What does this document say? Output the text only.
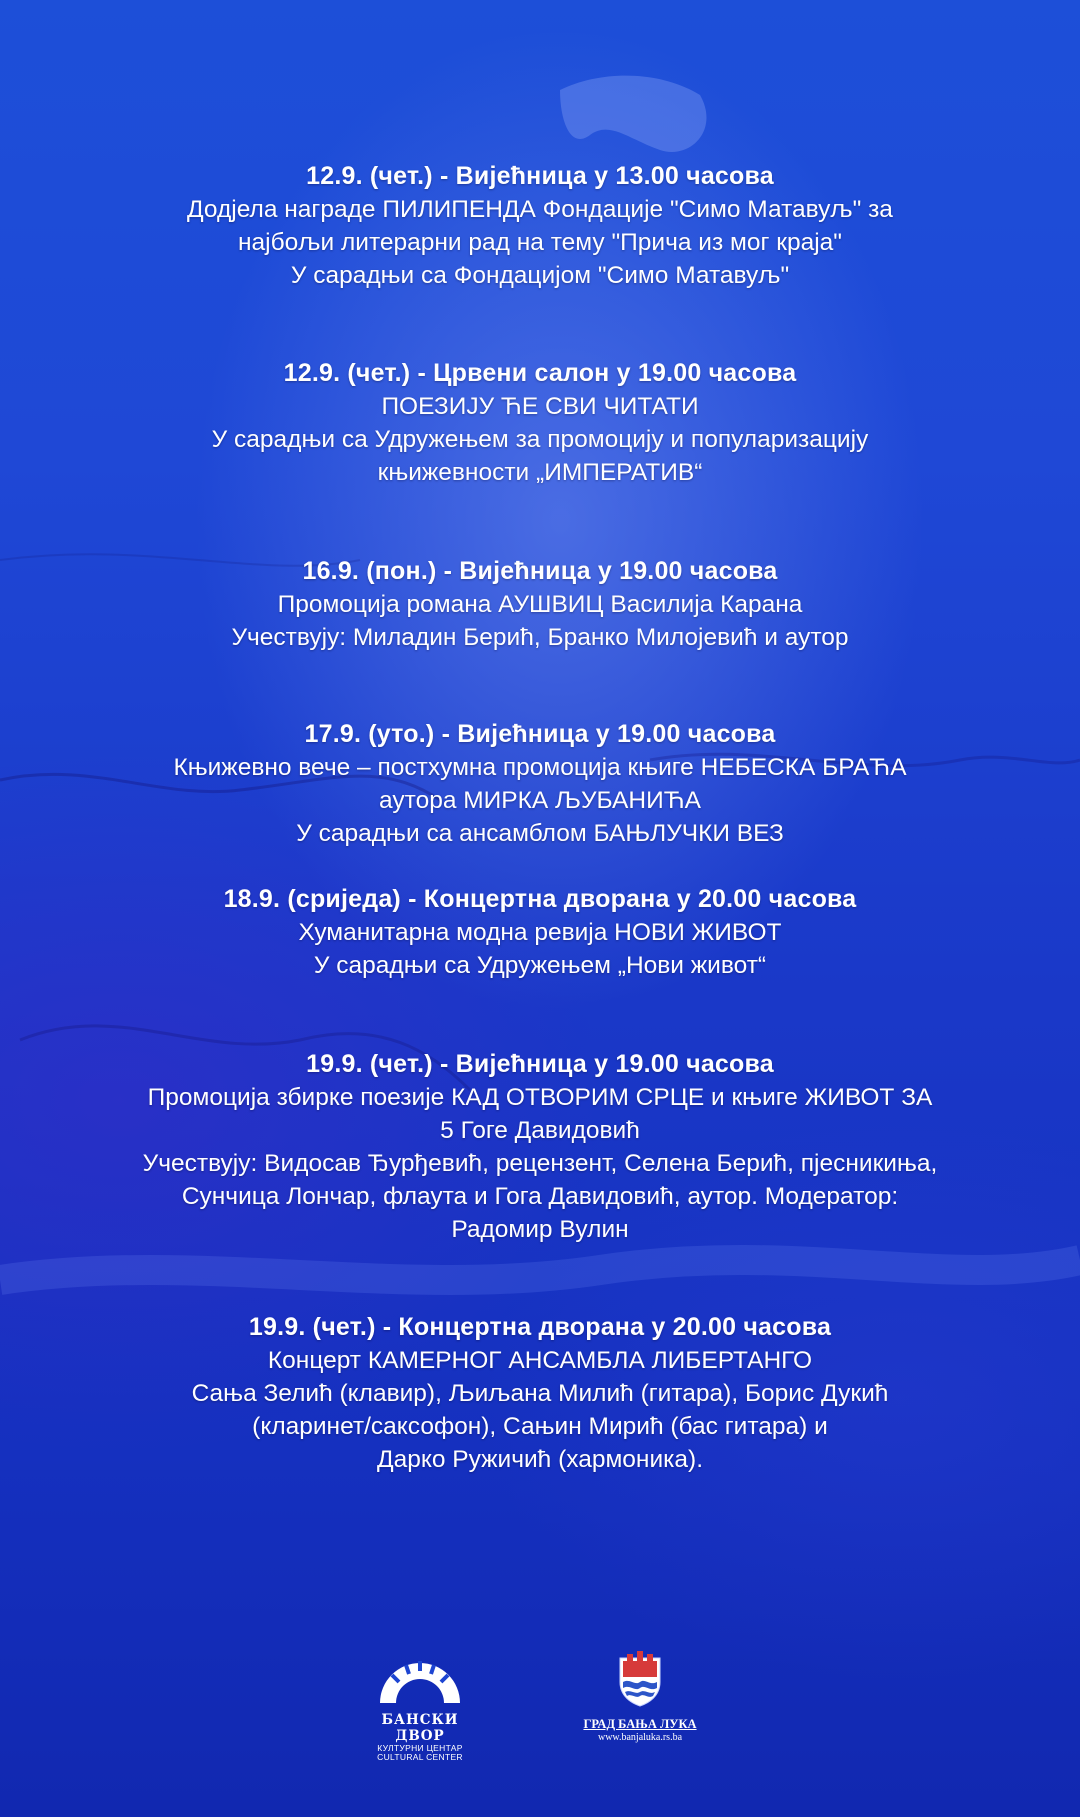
12.9. (чет.) - Вијећница у 13.00 часова
Додјела награде ПИЛИПЕНДА Фондације "Симо Матавуљ" за
најбољи литерарни рад на тему "Прича из мог краја"
У сарадњи са Фондацијом "Симо Матавуљ"
12.9. (чет.) - Црвени салон у 19.00 часова
ПОЕЗИЈУ ЋЕ СВИ ЧИТАТИ
У сарадњи са Удружењем за промоцију и популаризацију
књижевности „ИМПЕРАТИВ“
16.9. (пон.) - Вијећница у 19.00 часова
Промоција романа АУШВИЦ Василија Карана
Учествују: Миладин Берић, Бранко Милојевић и аутор
17.9. (уто.) - Вијећница у 19.00 часова
Књижевно вече – постхумна промоција књиге НЕБЕСКА БРАЋА
аутора МИРКА ЉУБАНИЋА
У сарадњи са ансамблом БАЊЛУЧКИ ВЕЗ
18.9. (сриједа) - Концертна дворана у 20.00 часова
Хуманитарна модна ревија НОВИ ЖИВОТ
У сарадњи са Удружењем „Нови живот“
19.9. (чет.) - Вијећница у 19.00 часова
Промоција збирке поезије КАД ОТВОРИМ СРЦЕ и књиге ЖИВОТ ЗА
5 Гоге Давидовић
Учествују: Видосав Ђурђевић, рецензент, Селена Берић, пјесникиња,
Сунчица Лончар, флаута и Гога Давидовић, аутор. Модератор:
Радомир Вулин
19.9. (чет.) - Концертна дворана у 20.00 часова
Концерт КАМЕРНОГ АНСАМБЛА ЛИБЕРТАНГО
Сања Зелић (клавир), Љиљана Милић (гитара), Борис Дукић
(кларинет/саксофон), Сањин Мирић (бас гитара) и
Дарко Ружичић (хармоника).
БАНСКИ ДВОР
КУЛТУРНИ ЦЕНТАР
CULTURAL CENTER
ГРАД БАЊА ЛУКА
www.banjaluka.rs.ba
